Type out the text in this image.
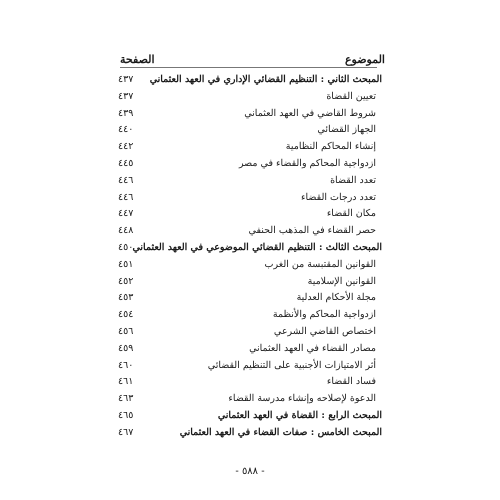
الموضوع
الصفحة
المبحث الثاني : التنظيم القضائي الإداري في العهد العثماني
٤٣٧
تعيين القضاة
٤٣٧
شروط القاضي في العهد العثماني
٤٣٩
الجهاز القضائي
٤٤٠
إنشاء المحاكم النظامية
٤٤٢
ازدواجية المحاكم والقضاء في مصر
٤٤٥
تعدد القضاة
٤٤٦
تعدد درجات القضاء
٤٤٦
مكان القضاء
٤٤٧
حصر القضاء في المذهب الحنفي
٤٤٨
المبحث الثالث : التنظيم القضائي الموضوعي في العهد العثماني
٤٥٠
القوانين المقتبسة من الغرب
٤٥١
القوانين الإسلامية
٤٥٢
مجلة الأحكام العدلية
٤٥٣
ازدواجية المحاكم والأنظمة
٤٥٤
اختصاص القاضي الشرعي
٤٥٦
مصادر القضاء في العهد العثماني
٤٥٩
أثر الامتيازات الأجنبية على التنظيم القضائي
٤٦٠
فساد القضاء
٤٦١
الدعوة لإصلاحه وإنشاء مدرسة القضاء
٤٦٣
المبحث الرابع : القضاة في العهد العثماني
٤٦٥
المبحث الخامس : صفات القضاء في العهد العثماني
٤٦٧
- ٥٨٨ -
